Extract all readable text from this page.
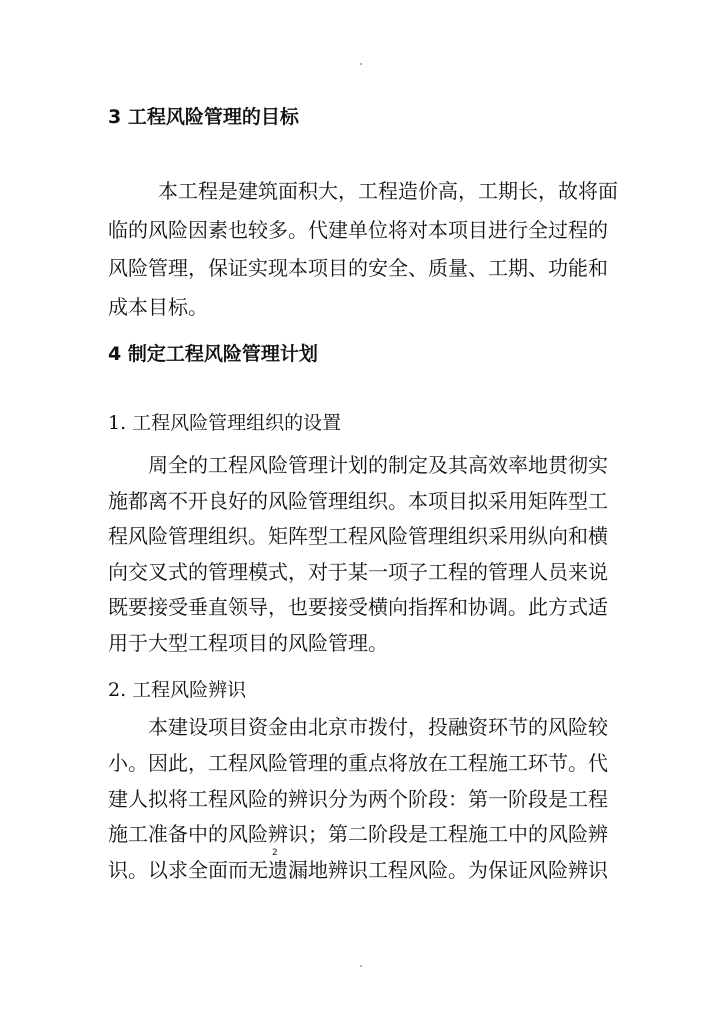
3 工程风险管理的目标
本工程是建筑面积大，工程造价高，工期长，故将面
临的风险因素也较多。代建单位将对本项目进行全过程的
风险管理，保证实现本项目的安全、质量、工期、功能和
成本目标。
4 制定工程风险管理计划
1. 工程风险管理组织的设置
周全的工程风险管理计划的制定及其高效率地贯彻实
施都离不开良好的风险管理组织。本项目拟采用矩阵型工
程风险管理组织。矩阵型工程风险管理组织采用纵向和横
向交叉式的管理模式，对于某一项子工程的管理人员来说
既要接受垂直领导，也要接受横向指挥和协调。此方式适
用于大型工程项目的风险管理。
2. 工程风险辨识
本建设项目资金由北京市拨付，投融资环节的风险较
小。因此，工程风险管理的重点将放在工程施工环节。代
建人拟将工程风险的辨识分为两个阶段：第一阶段是工程
施工准备中的风险辨识；第二阶段是工程施工中的风险辨
识。以求全面而无遗漏地辨识工程风险。为保证风险辨识
2
